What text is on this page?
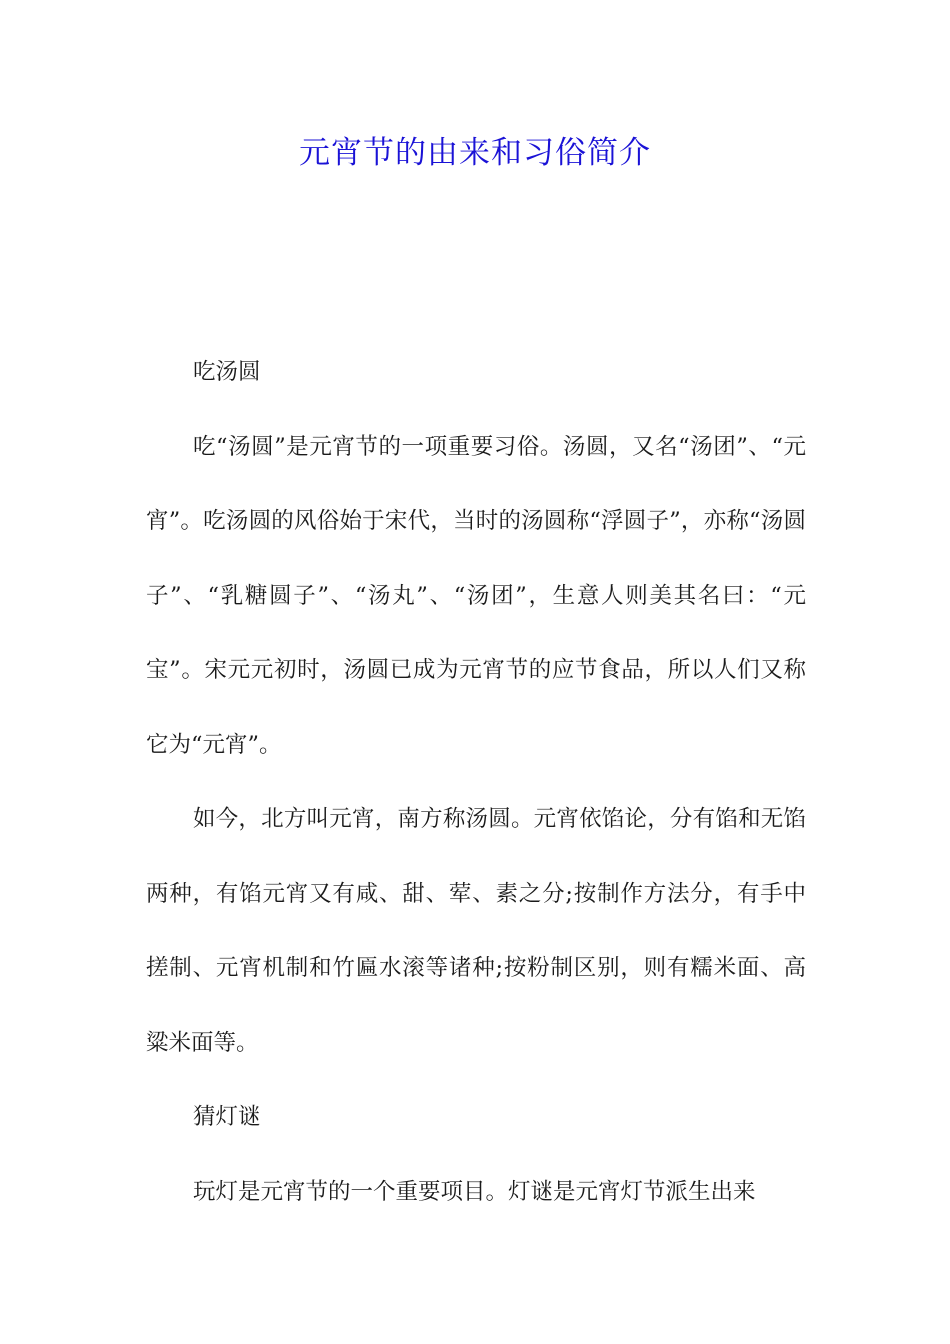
元宵节的由来和习俗简介

吃汤圆

吃“汤圆”是元宵节的一项重要习俗。汤圆，又名“汤团”、“元宵”。吃汤圆的风俗始于宋代，当时的汤圆称“浮圆子”，亦称“汤圆子”、“乳糖圆子”、“汤丸”、“汤团”，生意人则美其名曰：“元宝”。宋元元初时，汤圆已成为元宵节的应节食品，所以人们又称它为“元宵”。

如今，北方叫元宵，南方称汤圆。元宵依馅论，分有馅和无馅两种，有馅元宵又有咸、甜、荤、素之分;按制作方法分，有手中搓制、元宵机制和竹匾水滚等诸种;按粉制区别，则有糯米面、高粱米面等。

猜灯谜

玩灯是元宵节的一个重要项目。灯谜是元宵灯节派生出来
